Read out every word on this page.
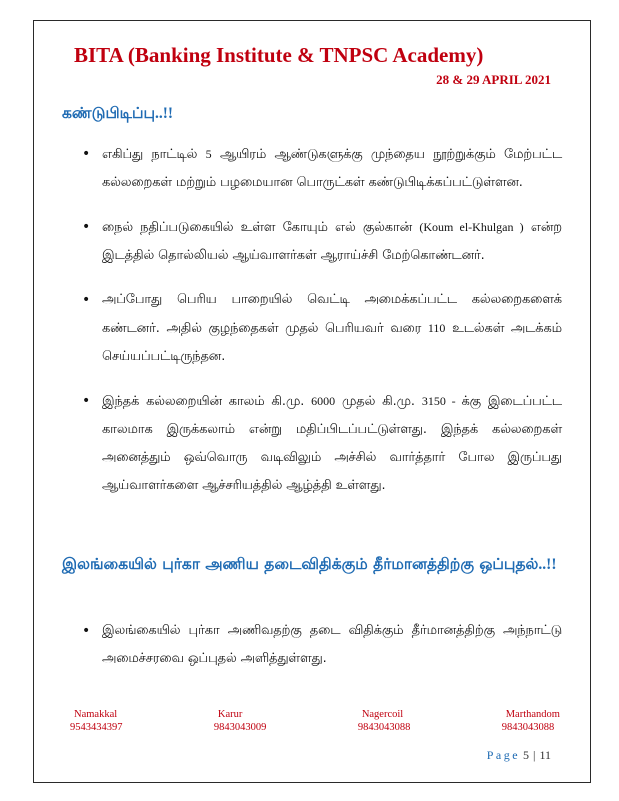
BITA (Banking Institute & TNPSC Academy)
28 & 29 APRIL 2021
கண்டுபிடிப்பு..!!
• எகிப்து நாட்டில் 5 ஆயிரம் ஆண்டுகளுக்கு முந்தைய நூற்றுக்கும் மேற்பட்ட கல்லறைகள் மற்றும் பழமையான பொருட்கள் கண்டுபிடிக்கப்பட்டுள்ளன.
• நைல் நதிப்படுகையில் உள்ள கோயும் எல் குல்கான் (Koum el-Khulgan ) என்ற இடத்தில் தொல்லியல் ஆய்வாளர்கள் ஆராய்ச்சி மேற்கொண்டனர்.
• அப்போது பெரிய பாறையில் வெட்டி அமைக்கப்பட்ட கல்லறைகளைக் கண்டனர். அதில் குழந்தைகள் முதல் பெரியவர் வரை 110 உடல்கள் அடக்கம் செய்யப்பட்டிருந்தன.
• இந்தக் கல்லறையின் காலம் கி.மு. 6000 முதல் கி.மு. 3150 - க்கு இடைப்பட்ட காலமாக இருக்கலாம் என்று மதிப்பிடப்பட்டுள்ளது. இந்தக் கல்லறைகள் அனைத்தும் ஒவ்வொரு வடிவிலும் அச்சில் வார்த்தார் போல இருப்பது ஆய்வாளர்களை ஆச்சரியத்தில் ஆழ்த்தி உள்ளது.
இலங்கையில் புர்கா அணிய தடைவிதிக்கும் தீர்மானத்திற்கு ஒப்புதல்..!!
• இலங்கையில் புர்கா அணிவதற்கு தடை விதிக்கும் தீர்மானத்திற்கு அந்நாட்டு அமைச்சரவை ஒப்புதல் அளித்துள்ளது.
Namakkal
9543434397
Karur
9843043009
Nagercoil
9843043088
Marthandom
9843043088
Page 5 | 11
